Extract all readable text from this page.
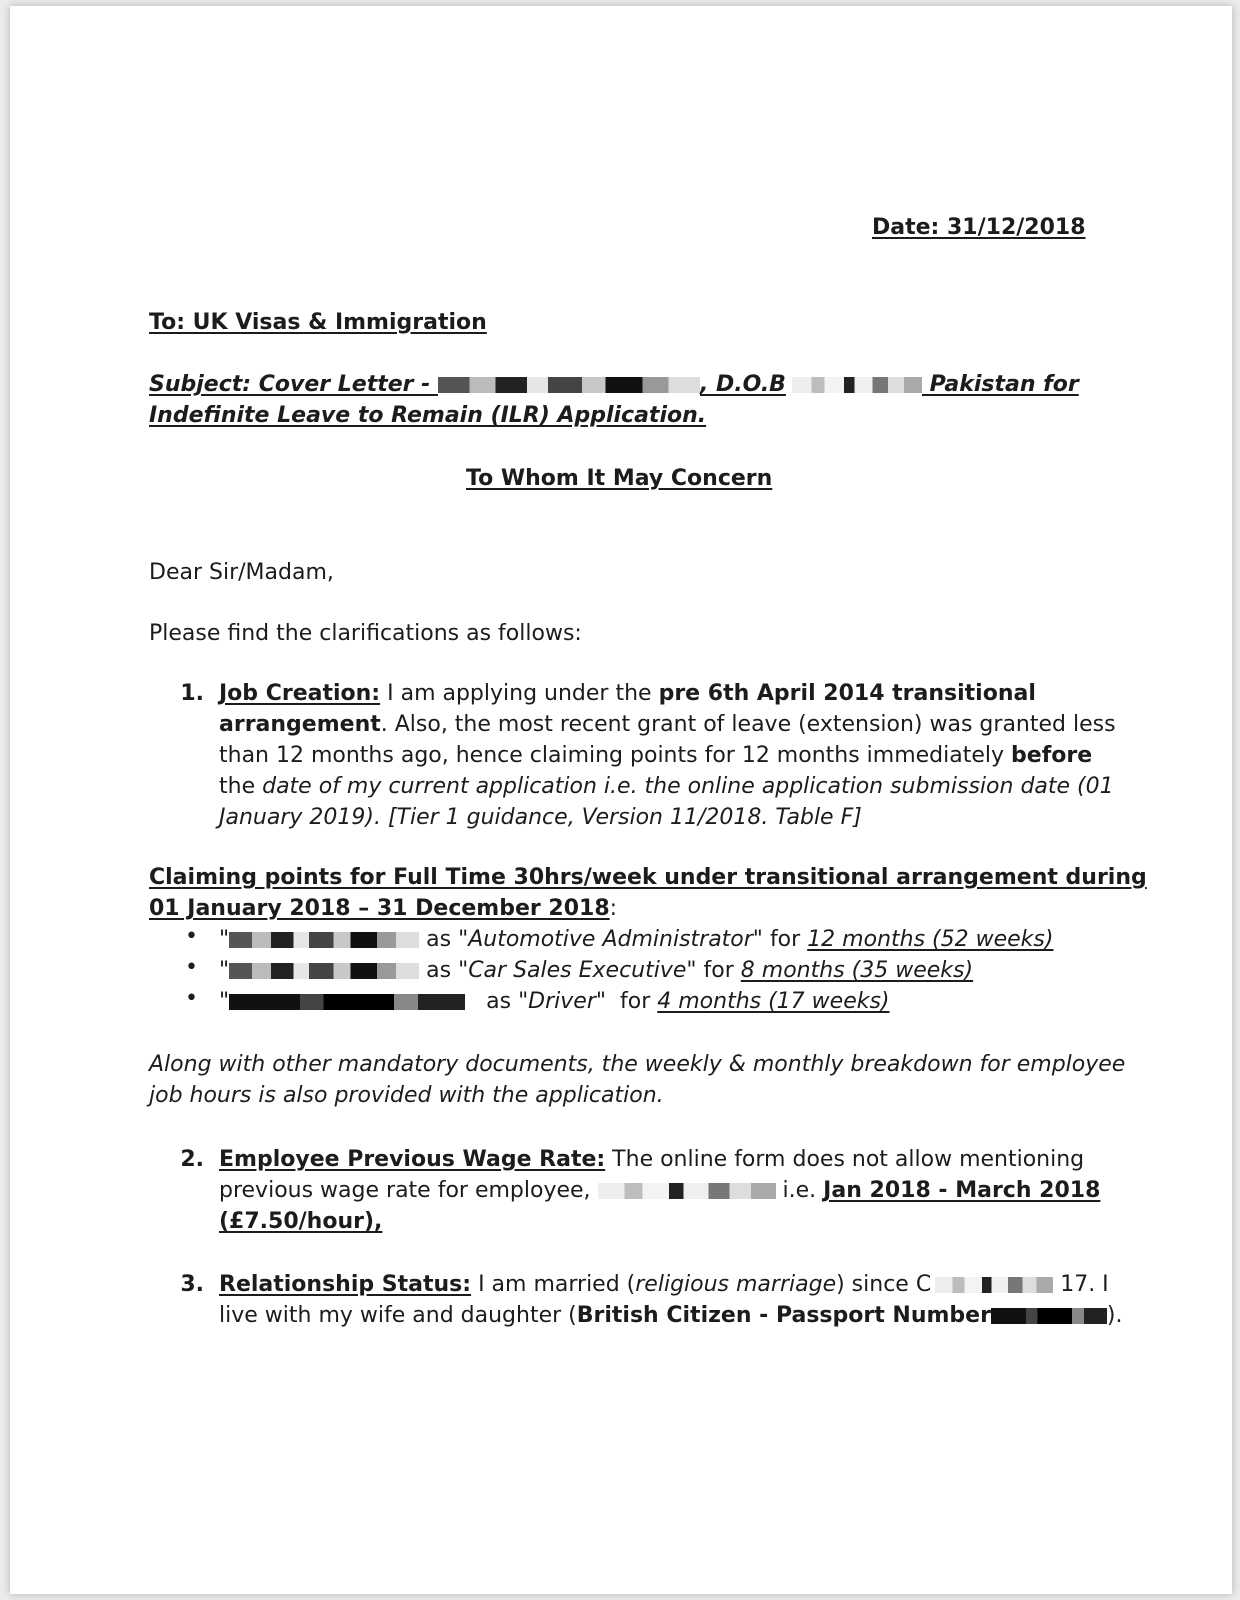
Date: 31/12/2018
To: UK Visas & Immigration
Subject: Cover Letter -	, D.O.B	Pakistan for
Indefinite Leave to Remain (ILR) Application.
To Whom It May Concern
Dear Sir/Madam,
Please find the clarifications as follows:
1. Job Creation: I am applying under the pre 6th April 2014 transitional
arrangement. Also, the most recent grant of leave (extension) was granted less
than 12 months ago, hence claiming points for 12 months immediately before
the date of my current application i.e. the online application submission date (01
January 2019). [Tier 1 guidance, Version 11/2018. Table F]
Claiming points for Full Time 30hrs/week under transitional arrangement during
01 January 2018 – 31 December 2018:
• "	as "Automotive Administrator" for 12 months (52 weeks)
• "	as "Car Sales Executive" for 8 months (35 weeks)
• "	as "Driver" for 4 months (17 weeks)
Along with other mandatory documents, the weekly & monthly breakdown for employee
job hours is also provided with the application.
2. Employee Previous Wage Rate: The online form does not allow mentioning
previous wage rate for employee,	i.e. Jan 2018 - March 2018
(£7.50/hour),
3. Relationship Status: I am married (religious marriage) since C	17. I
live with my wife and daughter (British Citizen - Passport Number	).
